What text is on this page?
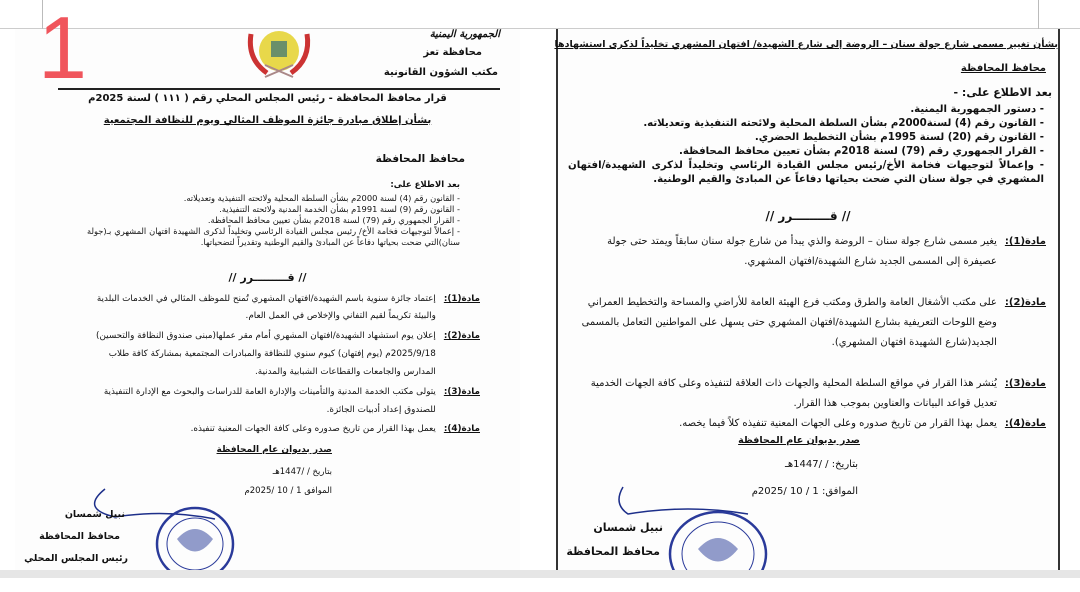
1	الجمهورية اليمنية
محافظة تعز
مكتب الشؤون القانونية
قرار محافظ المحافظة - رئيس المجلس المحلي رقم ( ١١١ ) لسنة 2025م
بشأن إطلاق مبادرة جائزة الموظف المثالي ويوم للنظافة المجتمعية
محافظ المحافظة
بعد الاطلاع على:
- القانون رقم (4) لسنة 2000م بشأن السلطة المحلية ولائحته التنفيذية وتعديلاته.
- القانون رقم (9) لسنة 1991م بشأن الخدمة المدنية ولائحته التنفيذية.
- القرار الجمهوري رقم (79) لسنة 2018م بشأن تعيين محافظ المحافظة.
- إعمالاً لتوجيهات فخامة الأخ/ رئيس مجلس القيادة الرئاسي وتخليداً لذكرى الشهيدة افتهان المشهري بـ(جولة سنان)التي ضحت بحياتها دفاعاً عن المبادئ والقيم الوطنية وتقديراً لتضحياتها.
// قـــــــــرر //
مادة(1):
إعتماد جائزة سنوية باسم الشهيدة/افتهان المشهري تُمنح للموظف المثالي في الخدمات البلدية والبيئة تكريماً لقيم التفاني والإخلاص في العمل العام.
مادة(2):
إعلان يوم استشهاد الشهيدة/افتهان المشهري أمام مقر عملها(مبنى صندوق النظافة والتحسين) 2025/9/18م (يوم إفتهان) كيوم سنوي للنظافة والمبادرات المجتمعية بمشاركة كافة طلاب المدارس والجامعات والقطاعات الشبابية والمدنية.
مادة(3):
يتولى مكتب الخدمة المدنية والتأمينات والإدارة العامة للدراسات والبحوث مع الإدارة التنفيذية للصندوق إعداد أدبيات الجائزة.
مادة(4):
يعمل بهذا القرار من تاريخ صدوره وعلى كافة الجهات المعنية تنفيذه.
صدر بديوان عام المحافظة
بتاريخ / /1447هـ
الموافق 1 / 10 /2025م
نبيل شمسان
محافظ المحافظة
رئيس المجلس المحلي
بشأن تغيير مسمى شارع جولة سنان – الروضة إلى شارع الشهيدة/ افتهان المشهري تخليداً لذكرى استشهادها
محافظ المحافظة
بعد الاطلاع على: -
- دستور الجمهورية اليمنية.
- القانون رقم (4) لسنة2000م بشأن السلطة المحلية ولائحته التنفيذية وتعديلاته.
- القانون رقم (20) لسنة 1995م بشأن التخطيط الحضري.
- القرار الجمهوري رقم (79) لسنة 2018م بشأن تعيين محافظ المحافظة.
- وإعمالاً لتوجيهات فخامة الأخ/رئيس مجلس القيادة الرئاسي وتخليداً لذكرى الشهيدة/افتهان المشهري في جولة سنان التي ضحت بحياتها دفاعاً عن المبادئ والقيم الوطنية.
// قـــــــــرر //
مادة(1):
يغير مسمى شارع جولة سنان – الروضة والذي يبدأ من شارع جولة سنان سابقاً ويمتد حتى جولة عصيفرة إلى المسمى الجديد شارع الشهيدة/افتهان المشهري.
مادة(2):
على مكتب الأشغال العامة والطرق ومكتب فرع الهيئة العامة للأراضي والمساحة والتخطيط العمراني وضع اللوحات التعريفية بشارع الشهيدة/افتهان المشهري حتى يسهل على المواطنين التعامل بالمسمى الجديد(شارع الشهيدة افتهان المشهري).
مادة(3):
يُنشر هذا القرار في مواقع السلطة المحلية والجهات ذات العلاقة لتنفيذه وعلى كافة الجهات الخدمية تعديل قواعد البيانات والعناوين بموجب هذا القرار.
مادة(4):
يعمل بهذا القرار من تاريخ صدوره وعلى الجهات المعنية تنفيذه كلاً فيما يخصه.
صدر بديوان عام المحافظة
بتاريخ: / /1447هـ
الموافق: 1 / 10 /2025م
نبيل شمسان
محافظ المحافظة
